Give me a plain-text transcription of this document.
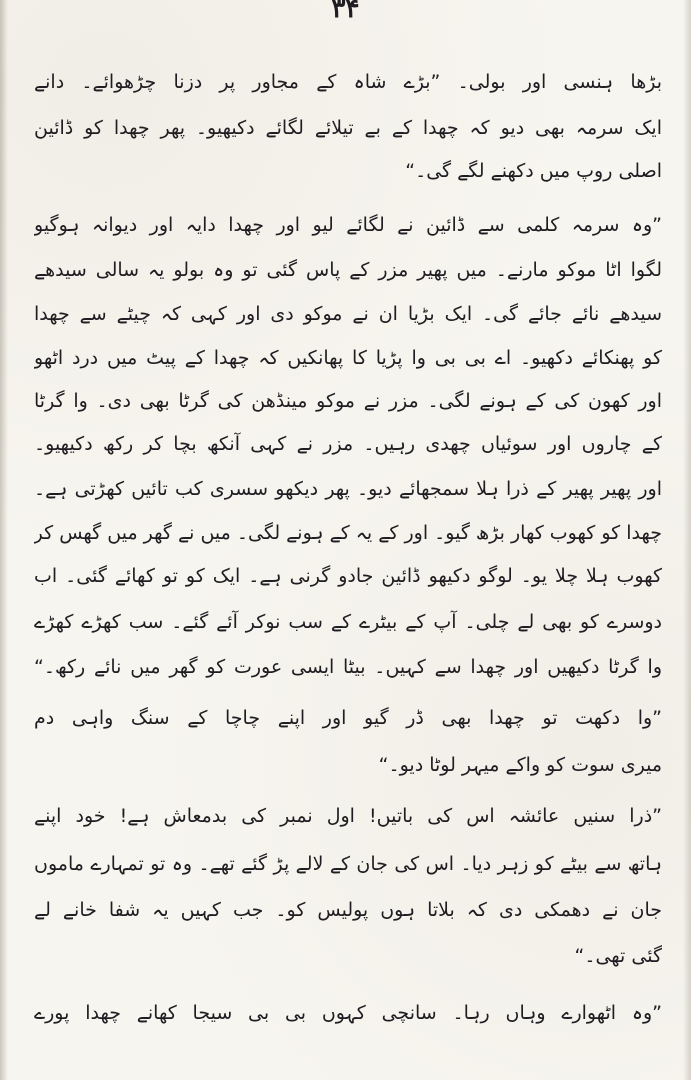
۳۴

بڑھا ہنسی اور بولی۔ ”بڑے شاہ کے مجاور پر دزنا چڑھوائے۔ دانے
ایک سرمہ بھی دیو کہ چھدا کے بے تیلائے لگائے دکیھیو۔ پھر چھدا کو ڈائین
اصلی روپ میں دکھنے لگے گی۔“
”وہ سرمہ کلمی سے ڈائین نے لگائے لیو اور چھدا دایہ اور دیوانہ ہوگیو
لگوا اٹا موکو مارنے۔ میں پھیر مزر کے پاس گئی تو وہ بولو یہ سالی سیدھے
سیدھے نائے جائے گی۔ ایک بڑیا ان نے موکو دی اور کہی کہ چیٹے سے چھدا
کو پھنکائے دکھیو۔ اے بی بی وا پڑیا کا پھانکیں کہ چھدا کے پیٹ میں درد اٹھو
اور کھون کی کے ہونے لگی۔ مزر نے موکو مینڈھن کی گرٹا بھی دی۔ وا گرٹا
کے چاروں اور سوئیاں چھدی رہیں۔ مزر نے کہی آنکھ بچا کر رکھ دکیھیو۔
اور پھیر پھیر کے ذرا ہلا سمجھائے دیو۔ پھر دیکھو سسری کب تائیں کھڑتی ہے۔
چھدا کو کھوب کھار بڑھ گیو۔ اور کے یہ کے ہونے لگی۔ میں نے گھر میں گھس کر
کھوب ہلا چلا یو۔ لوگو دکیھو ڈائین جادو گرنی ہے۔ ایک کو تو کھائے گئی۔ اب
دوسرے کو بھی لے چلی۔ آپ کے بیٹرے کے سب نوکر آئے گئے۔ سب کھڑے کھڑے
وا گرٹا دکیھیں اور چھدا سے کہیں۔ بیٹا ایسی عورت کو گھر میں نائے رکھ۔“
”وا دکھت تو چھدا بھی ڈر گیو اور اپنے چاچا کے سنگ واہی دم
میری سوت کو واکے میہر لوٹا دیو۔“
”ذرا سنیں عائشہ اس کی باتیں! اول نمبر کی بدمعاش ہے! خود اپنے
ہاتھ سے بیٹے کو زہر دیا۔ اس کی جان کے لالے پڑ گئے تھے۔ وہ تو تمہارے ماموں
جان نے دھمکی دی کہ بلاتا ہوں پولیس کو۔ جب کہیں یہ شفا خانے لے
گئی تھی۔“
”وہ اٹھوارے وہاں رہا۔ سانچی کہوں بی بی سیجا کھانے چھدا پورے
